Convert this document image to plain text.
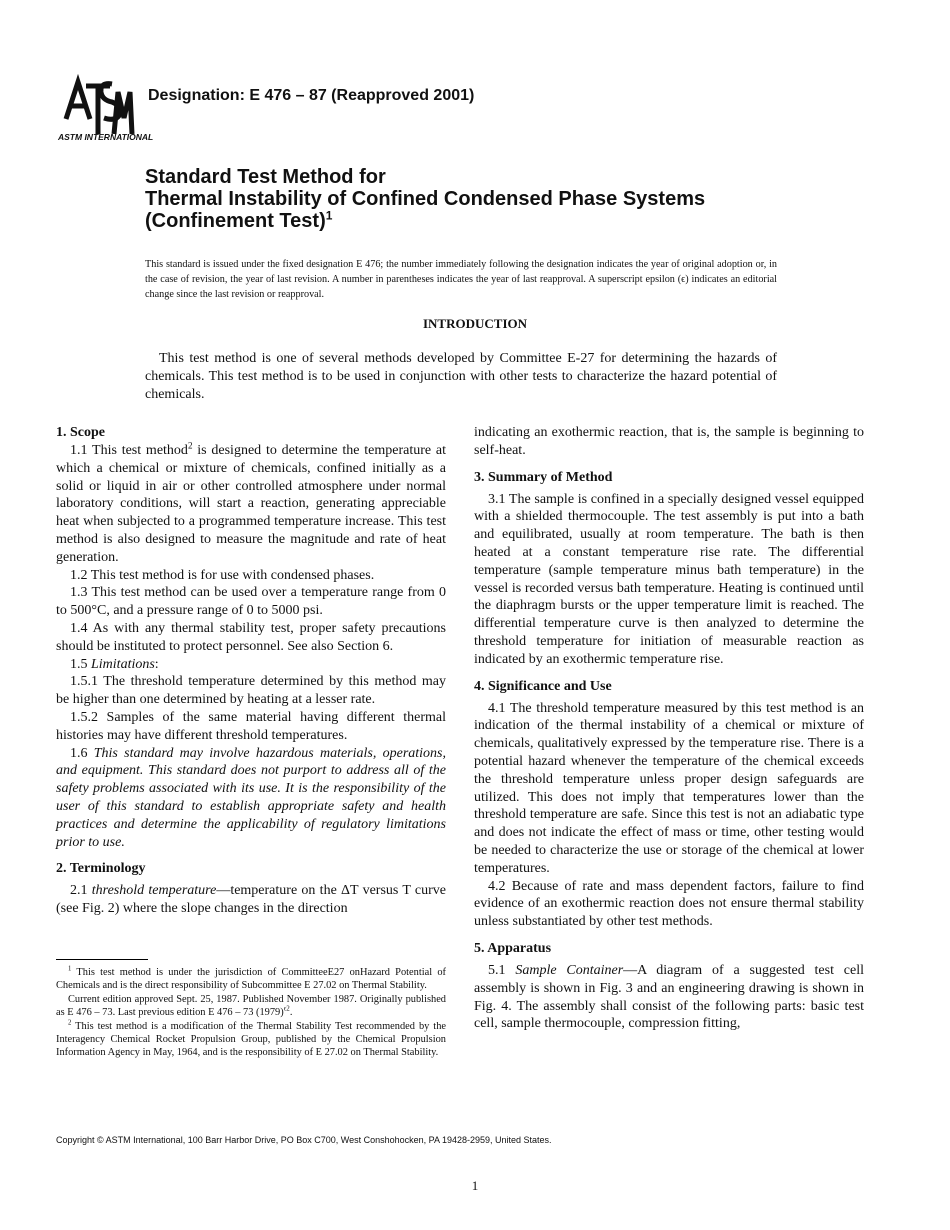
ASTM INTERNATIONAL
Designation: E 476 – 87 (Reapproved 2001)
Standard Test Method for
Thermal Instability of Confined Condensed Phase Systems
(Confinement Test)$^1$
This standard is issued under the fixed designation E 476; the number immediately following the designation indicates the year of original adoption or, in the case of revision, the year of last revision. A number in parentheses indicates the year of last reapproval. A superscript epsilon (ϵ) indicates an editorial change since the last revision or reapproval.
INTRODUCTION
This test method is one of several methods developed by Committee E-27 for determining the hazards of chemicals. This test method is to be used in conjunction with other tests to characterize the hazard potential of chemicals.
1. Scope

1.1 This test method$^2$ is designed to determine the temperature at which a chemical or mixture of chemicals, confined initially as a solid or liquid in air or other controlled atmosphere under normal laboratory conditions, will start a reaction, generating appreciable heat when subjected to a programmed temperature increase. This test method is also designed to measure the magnitude and rate of heat generation.

1.2 This test method is for use with condensed phases.

1.3 This test method can be used over a temperature range from 0 to 500°C, and a pressure range of 0 to 5000 psi.

1.4 As with any thermal stability test, proper safety precautions should be instituted to protect personnel. See also Section 6.

1.5 Limitations:

1.5.1 The threshold temperature determined by this method may be higher than one determined by heating at a lesser rate.

1.5.2 Samples of the same material having different thermal histories may have different threshold temperatures.

1.6 This standard may involve hazardous materials, operations, and equipment. This standard does not purport to address all of the safety problems associated with its use. It is the responsibility of the user of this standard to establish appropriate safety and health practices and determine the applicability of regulatory limitations prior to use.

2. Terminology

2.1 threshold temperature—temperature on the ΔT versus T curve (see Fig. 2) where the slope changes in the direction

indicating an exothermic reaction, that is, the sample is beginning to self-heat.

3. Summary of Method

3.1 The sample is confined in a specially designed vessel equipped with a shielded thermocouple. The test assembly is put into a bath and equilibrated, usually at room temperature. The bath is then heated at a constant temperature rise rate. The differential temperature (sample temperature minus bath temperature) in the vessel is recorded versus bath temperature. Heating is continued until the diaphragm bursts or the upper temperature limit is reached. The differential temperature curve is then analyzed to determine the threshold temperature for initiation of measurable reaction as indicated by an exothermic temperature rise.

4. Significance and Use

4.1 The threshold temperature measured by this test method is an indication of the thermal instability of a chemical or mixture of chemicals, qualitatively expressed by the temperature rise. There is a potential hazard whenever the temperature of the chemical exceeds the threshold temperature unless proper design safeguards are utilized. This does not imply that temperatures lower than the threshold temperature are safe. Since this test is not an adiabatic type and does not indicate the effect of mass or time, other testing would be needed to characterize the use or storage of the chemical at lower temperatures.

4.2 Because of rate and mass dependent factors, failure to find evidence of an exothermic reaction does not ensure thermal stability unless substantiated by other test methods.

5. Apparatus

5.1 Sample Container—A diagram of a suggested test cell assembly is shown in Fig. 3 and an engineering drawing is shown in Fig. 4. The assembly shall consist of the following parts: basic test cell, sample thermocouple, compression fitting,

$^1$ This test method is under the jurisdiction of CommitteeE27 onHazard Potential of Chemicals and is the direct responsibility of Subcommittee E 27.02 on Thermal Stability.

Current edition approved Sept. 25, 1987. Published November 1987. Originally published as E 476 – 73. Last previous edition E 476 – 73 $(1979)^{\epsilon 2}$.

$^2$ This test method is a modification of the Thermal Stability Test recommended by the Interagency Chemical Rocket Propulsion Group, published by the Chemical Propulsion Information Agency in May, 1964, and is the responsibility of E 27.02 on Thermal Stability.

Copyright © ASTM International, 100 Barr Harbor Drive, PO Box C700, West Conshohocken, PA 19428-2959, United States.
1
